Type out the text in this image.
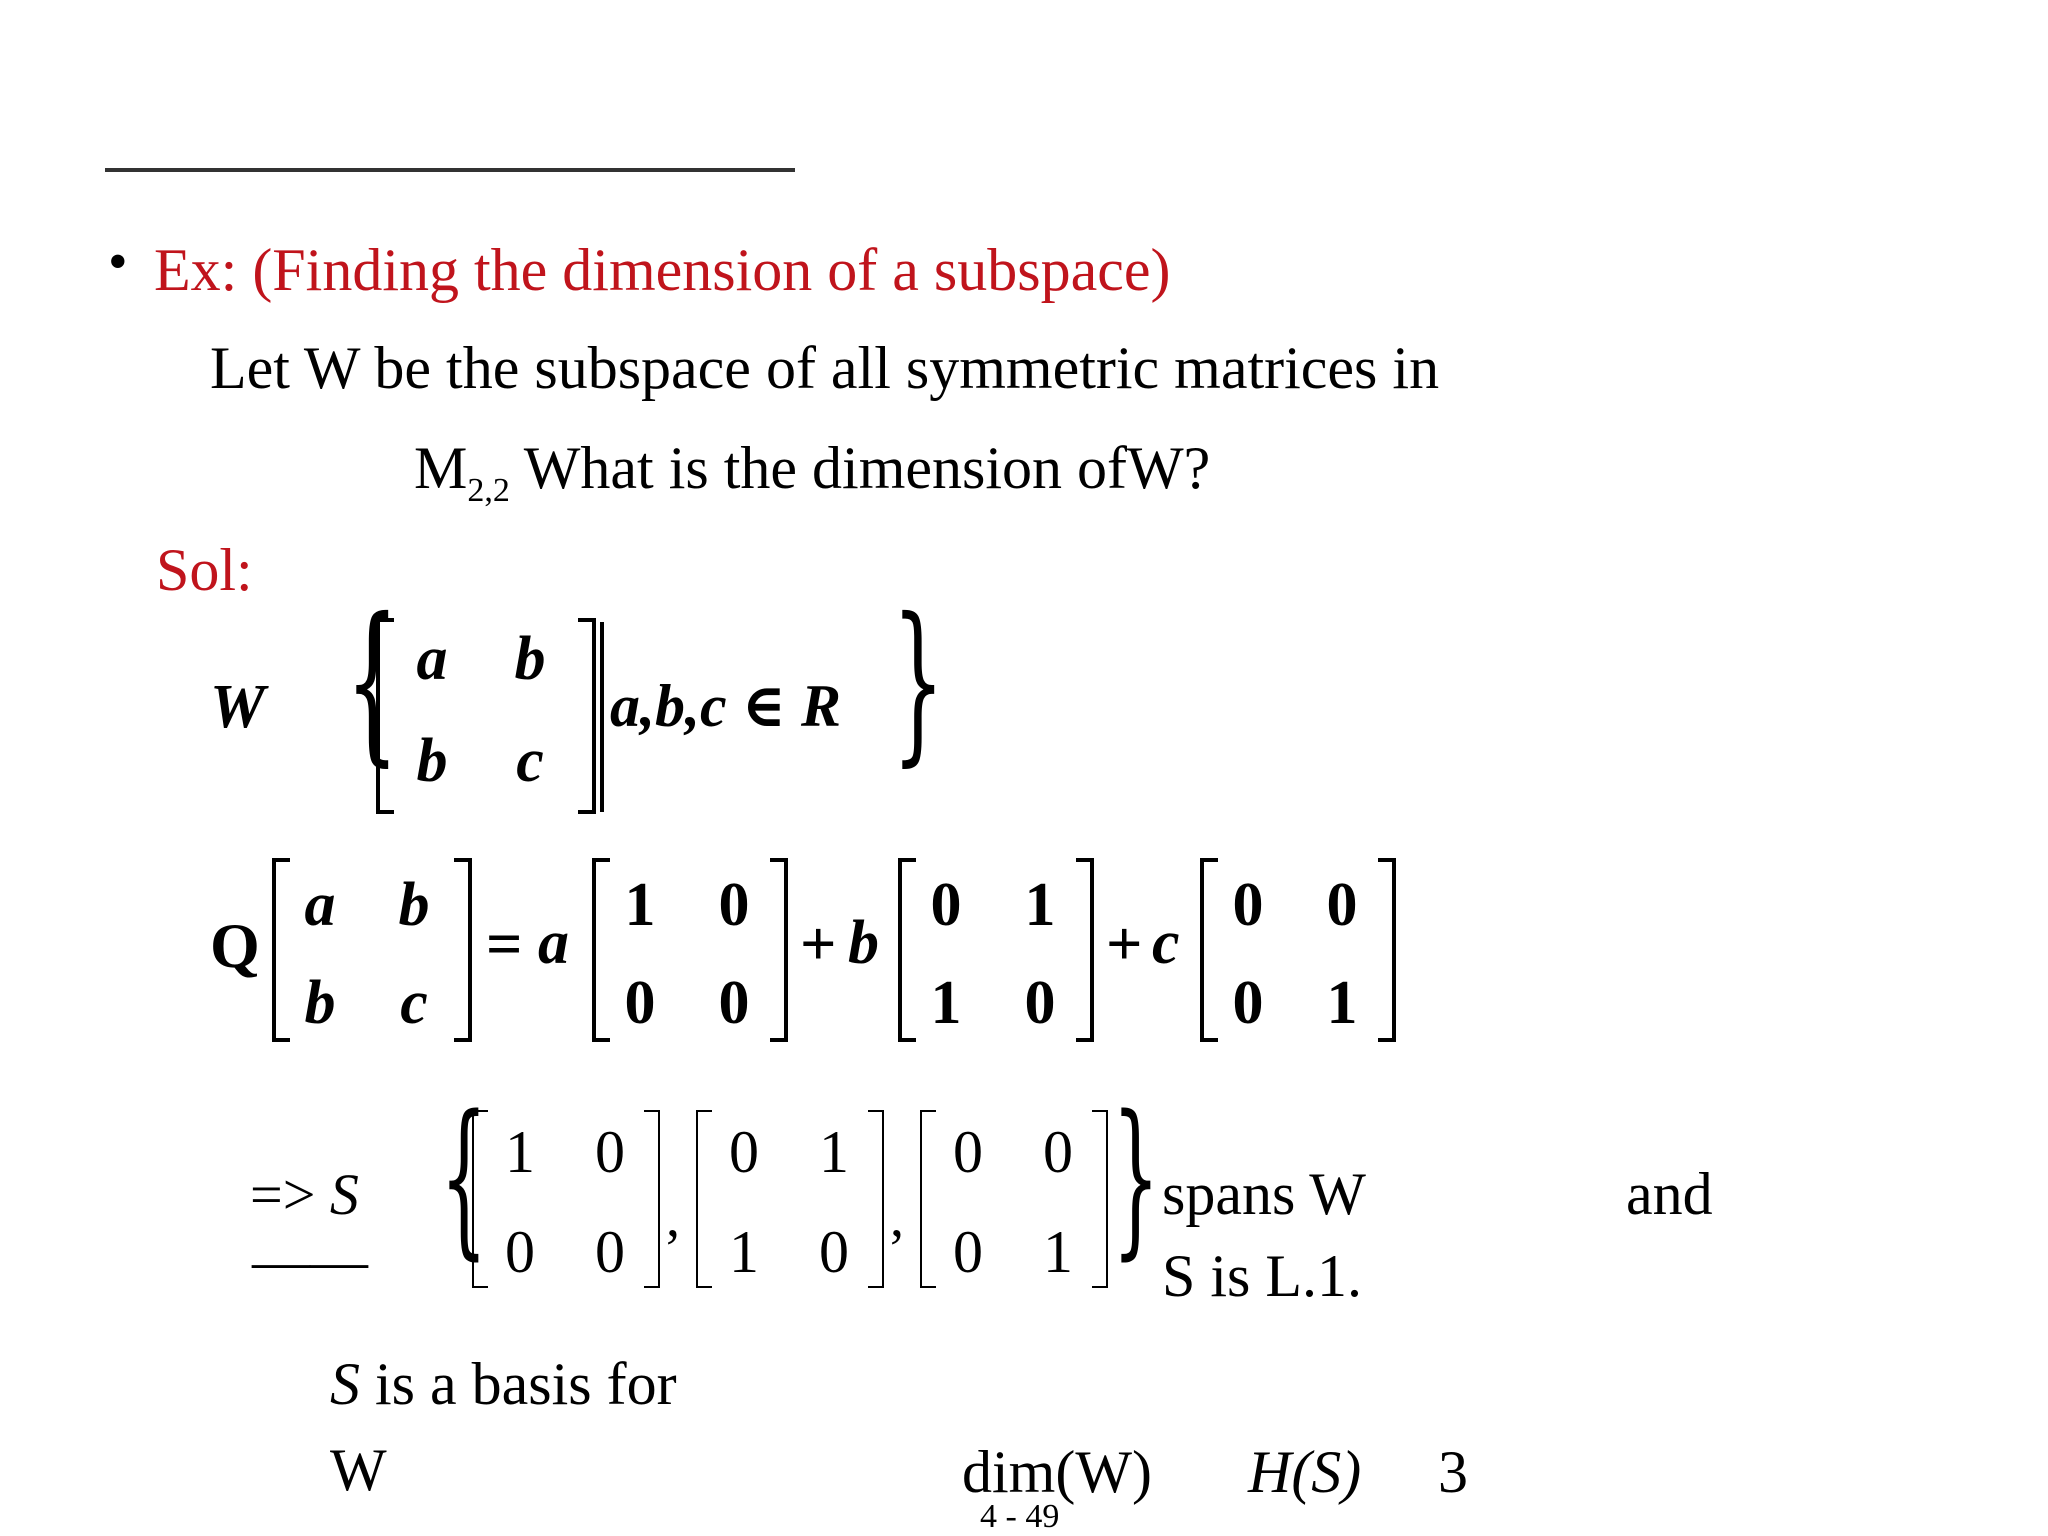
• Ex: (Finding the dimension of a subspace)
Let W be the subspace of all symmetric matrices in
$M_{2,2}$ What is the dimension ofW?
Sol:
W { a b
b c
a,b,c ∈ R }
Q
a b
b c
= a
1 0
0 0
+ b
0 1
1 0
+ c
0 0
0 1
=> S
—— { 1 0
0 0
,
0 1
1 0
,
0 0
0 1 } spans W	and
S is L.1.
S is a basis for
W	dim(W) H(S) 3
4 - 49
